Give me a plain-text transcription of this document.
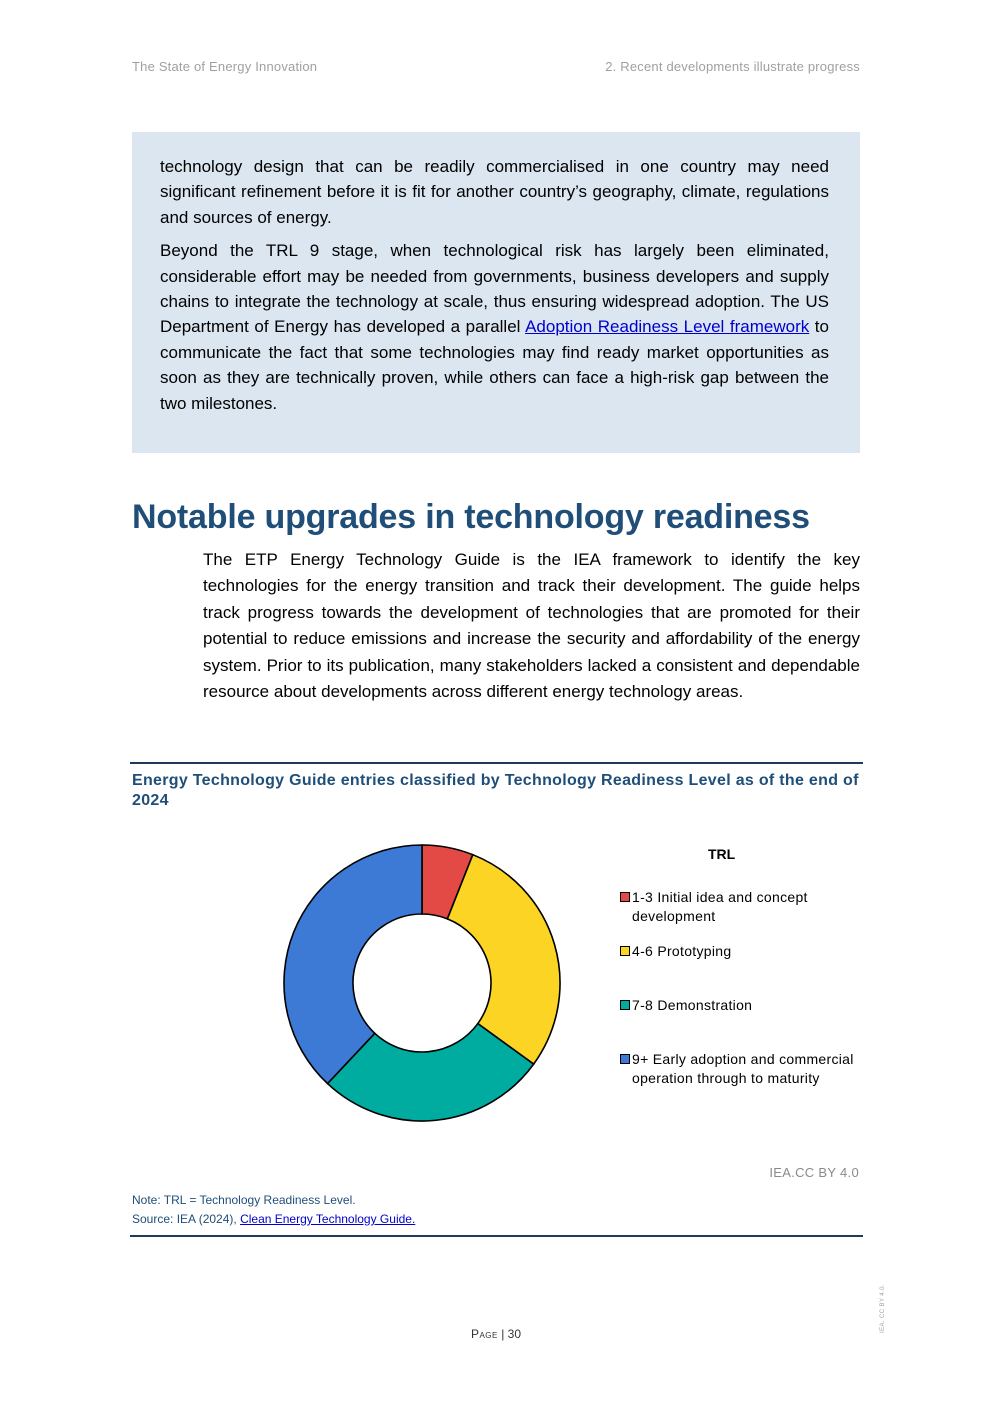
The State of Energy Innovation	2. Recent developments illustrate progress

technology design that can be readily commercialised in one country may need significant refinement before it is fit for another country’s geography, climate, regulations and sources of energy.

Beyond the TRL 9 stage, when technological risk has largely been eliminated, considerable effort may be needed from governments, business developers and supply chains to integrate the technology at scale, thus ensuring widespread adoption. The US Department of Energy has developed a parallel Adoption Readiness Level framework to communicate the fact that some technologies may find ready market opportunities as soon as they are technically proven, while others can face a high-risk gap between the two milestones.

Notable upgrades in technology readiness

The ETP Energy Technology Guide is the IEA framework to identify the key technologies for the energy transition and track their development. The guide helps track progress towards the development of technologies that are promoted for their potential to reduce emissions and increase the security and affordability of the energy system. Prior to its publication, many stakeholders lacked a consistent and dependable resource about developments across different energy technology areas.

Energy Technology Guide entries classified by Technology Readiness Level as of the end of 2024

TRL
1-3 Initial idea and concept development
4-6 Prototyping
7-8 Demonstration
9+ Early adoption and commercial operation through to maturity
IEA.CC BY 4.0
Note: TRL = Technology Readiness Level.
Source: IEA (2024), Clean Energy Technology Guide.
Page | 30
IEA. CC BY 4.0.
